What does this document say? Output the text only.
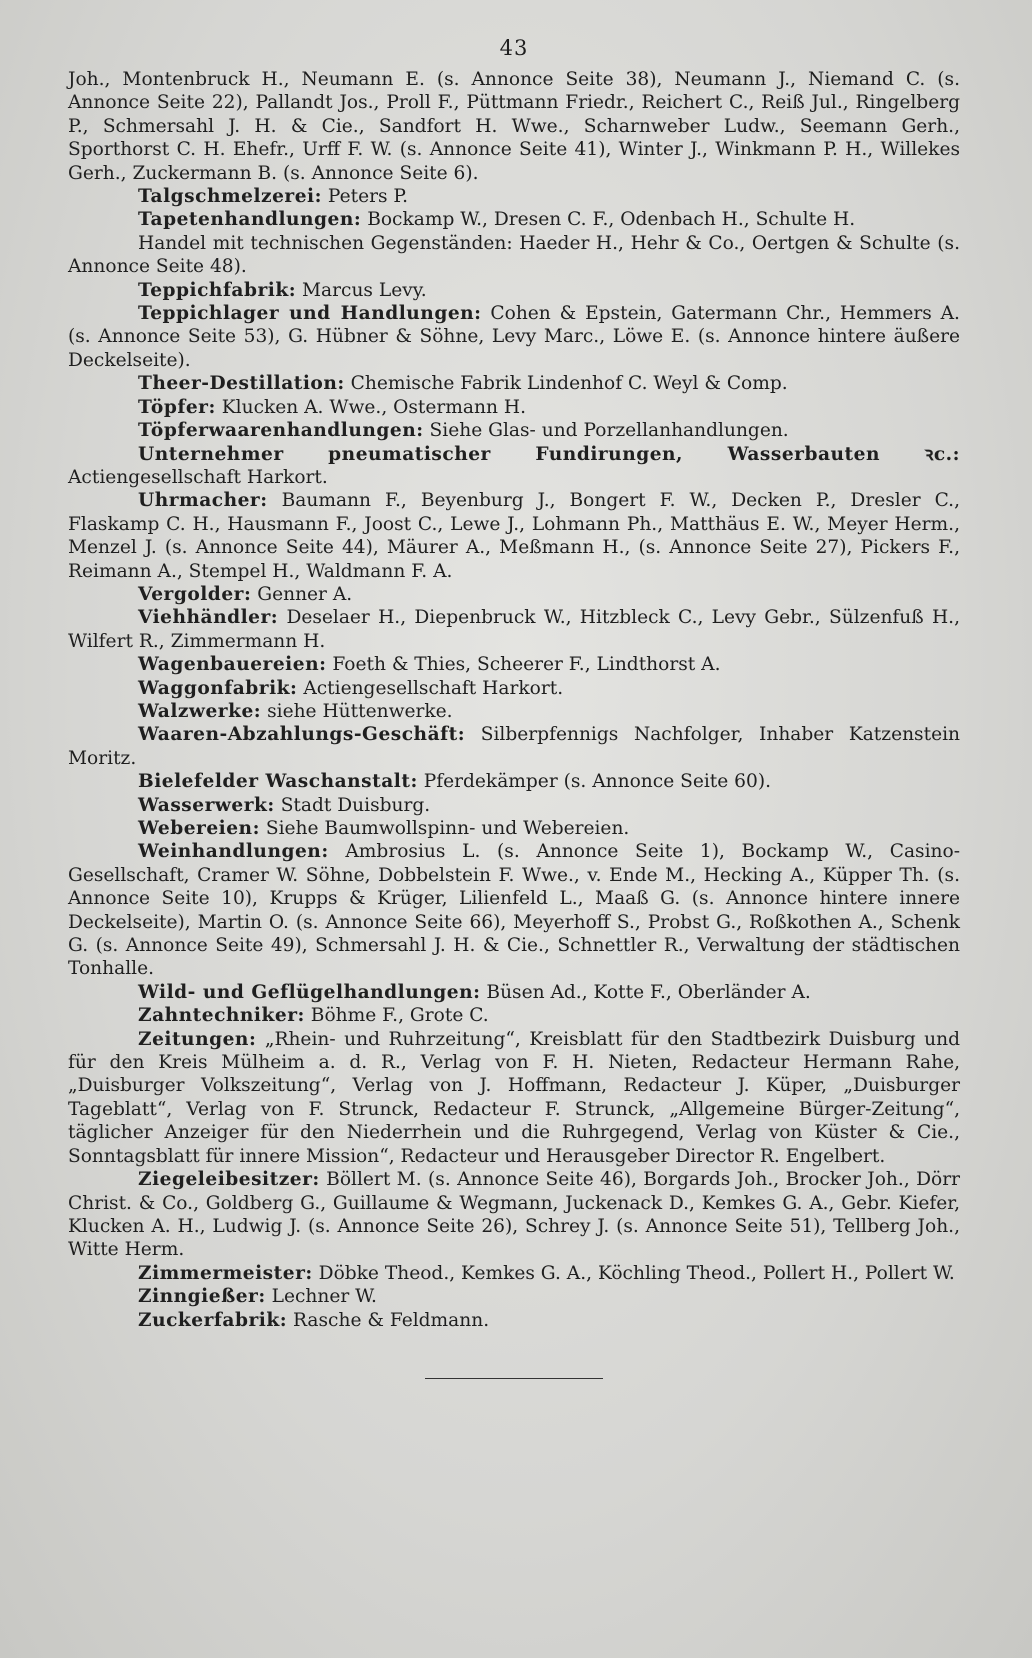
43

Joh., Montenbruck H., Neumann E. (s. Annonce Seite 38), Neumann J., Niemand C. (s. Annonce Seite 22), Pallandt Jos., Proll F., Püttmann Friedr., Reichert C., Reiß Jul., Ringelberg P., Schmersahl J. H. & Cie., Sandfort H. Wwe., Scharnweber Ludw., Seemann Gerh., Sporthorst C. H. Ehefr., Urff F. W. (s. Annonce Seite 41), Winter J., Winkmann P. H., Willekes Gerh., Zuckermann B. (s. Annonce Seite 6).

Talgschmelzerei: Peters P.

Tapetenhandlungen: Bockamp W., Dresen C. F., Odenbach H., Schulte H.

Handel mit technischen Gegenständen: Haeder H., Hehr & Co., Oertgen & Schulte (s. Annonce Seite 48).

Teppichfabrik: Marcus Levy.

Teppichlager und Handlungen: Cohen & Epstein, Gatermann Chr., Hemmers A. (s. Annonce Seite 53), G. Hübner & Söhne, Levy Marc., Löwe E. (s. Annonce hintere äußere Deckelseite).

Theer-Destillation: Chemische Fabrik Lindenhof C. Weyl & Comp.

Töpfer: Klucken A. Wwe., Ostermann H.

Töpferwaarenhandlungen: Siehe Glas- und Porzellanhandlungen.

Unternehmer pneumatischer Fundirungen, Wasserbauten ꝛc.: Actiengesellschaft Harkort.

Uhrmacher: Baumann F., Beyenburg J., Bongert F. W., Decken P., Dresler C., Flaskamp C. H., Hausmann F., Joost C., Lewe J., Lohmann Ph., Matthäus E. W., Meyer Herm., Menzel J. (s. Annonce Seite 44), Mäurer A., Meßmann H., (s. Annonce Seite 27), Pickers F., Reimann A., Stempel H., Waldmann F. A.

Vergolder: Genner A.

Viehhändler: Deselaer H., Diepenbruck W., Hitzbleck C., Levy Gebr., Sülzenfuß H., Wilfert R., Zimmermann H.

Wagenbauereien: Foeth & Thies, Scheerer F., Lindthorst A.

Waggonfabrik: Actiengesellschaft Harkort.

Walzwerke: siehe Hüttenwerke.

Waaren-Abzahlungs-Geschäft: Silberpfennigs Nachfolger, Inhaber Katzenstein Moritz.

Bielefelder Waschanstalt: Pferdekämper (s. Annonce Seite 60).

Wasserwerk: Stadt Duisburg.

Webereien: Siehe Baumwollspinn- und Webereien.

Weinhandlungen: Ambrosius L. (s. Annonce Seite 1), Bockamp W., Casino-Gesellschaft, Cramer W. Söhne, Dobbelstein F. Wwe., v. Ende M., Hecking A., Küpper Th. (s. Annonce Seite 10), Krupps & Krüger, Lilienfeld L., Maaß G. (s. Annonce hintere innere Deckelseite), Martin O. (s. Annonce Seite 66), Meyerhoff S., Probst G., Roßkothen A., Schenk G. (s. Annonce Seite 49), Schmersahl J. H. & Cie., Schnettler R., Verwaltung der städtischen Tonhalle.

Wild- und Geflügelhandlungen: Büsen Ad., Kotte F., Oberländer A.

Zahntechniker: Böhme F., Grote C.

Zeitungen: „Rhein- und Ruhrzeitung“, Kreisblatt für den Stadtbezirk Duisburg und für den Kreis Mülheim a. d. R., Verlag von F. H. Nieten, Redacteur Hermann Rahe, „Duisburger Volkszeitung“, Verlag von J. Hoffmann, Redacteur J. Küper, „Duisburger Tageblatt“, Verlag von F. Strunck, Redacteur F. Strunck, „Allgemeine Bürger-Zeitung“, täglicher Anzeiger für den Niederrhein und die Ruhrgegend, Verlag von Küster & Cie., Sonntagsblatt für innere Mission“, Redacteur und Herausgeber Director R. Engelbert.

Ziegeleibesitzer: Böllert M. (s. Annonce Seite 46), Borgards Joh., Brocker Joh., Dörr Christ. & Co., Goldberg G., Guillaume & Wegmann, Juckenack D., Kemkes G. A., Gebr. Kiefer, Klucken A. H., Ludwig J. (s. Annonce Seite 26), Schrey J. (s. Annonce Seite 51), Tellberg Joh., Witte Herm.

Zimmermeister: Döbke Theod., Kemkes G. A., Köchling Theod., Pollert H., Pollert W.

Zinngießer: Lechner W.

Zuckerfabrik: Rasche & Feldmann.
